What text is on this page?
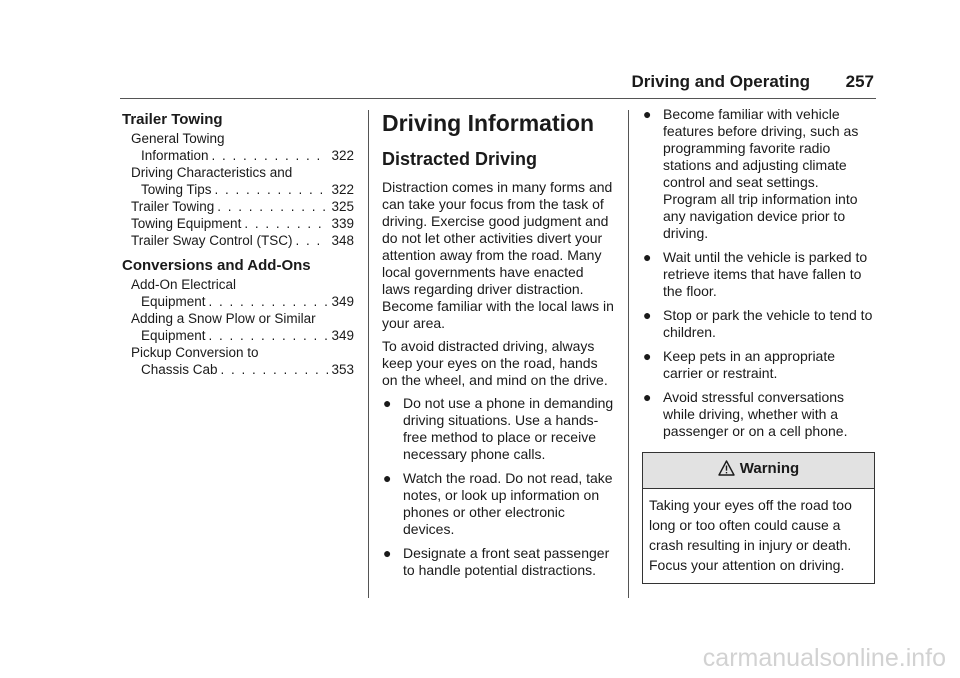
Driving and Operating 257
Trailer Towing
General Towing
Information . . .	322
Driving Characteristics and
Towing Tips . . .	322
Trailer Towing . . .	325
Towing Equipment . . .	339
Trailer Sway Control (TSC) . . .	348
Conversions and Add-Ons
Add-On Electrical
Equipment . . .	349
Adding a Snow Plow or Similar
Equipment . . .	349
Pickup Conversion to
Chassis Cab . . .	353
Driving Information
Distracted Driving

Distraction comes in many forms and can take your focus from the task of driving. Exercise good judgment and do not let other activities divert your attention away from the road. Many local governments have enacted laws regarding driver distraction. Become familiar with the local laws in your area.

To avoid distracted driving, always keep your eyes on the road, hands on the wheel, and mind on the drive.

● Do not use a phone in demanding driving situations. Use a hands-free method to place or receive necessary phone calls.
● Watch the road. Do not read, take notes, or look up information on phones or other electronic devices.
● Designate a front seat passenger to handle potential distractions.
● Become familiar with vehicle features before driving, such as programming favorite radio stations and adjusting climate control and seat settings. Program all trip information into any navigation device prior to driving.
● Wait until the vehicle is parked to retrieve items that have fallen to the floor.
● Stop or park the vehicle to tend to children.
● Keep pets in an appropriate carrier or restraint.
● Avoid stressful conversations while driving, whether with a passenger or on a cell phone.
Warning
Taking your eyes off the road too long or too often could cause a crash resulting in injury or death. Focus your attention on driving.
carmanualsonline.info
